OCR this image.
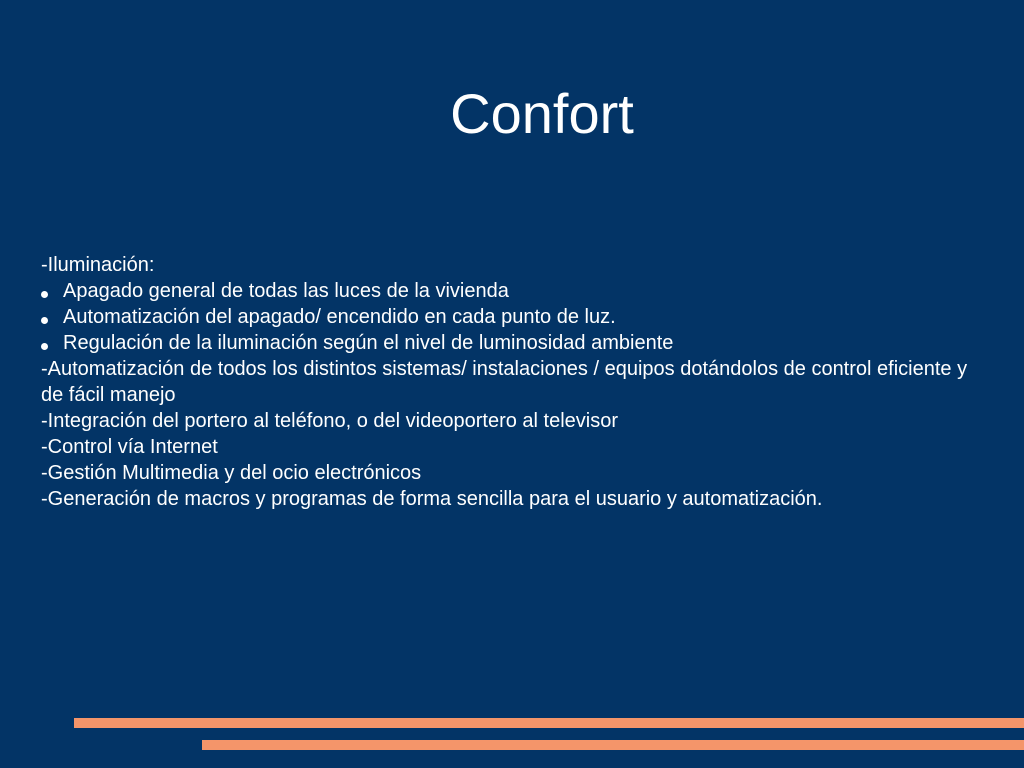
Confort
-Iluminación:
Apagado general de todas las luces de la vivienda
Automatización del apagado/ encendido en cada punto de luz.
Regulación de la iluminación según el nivel de luminosidad ambiente
-Automatización de todos los distintos sistemas/ instalaciones / equipos dotándolos de control eficiente y de fácil manejo
-Integración del portero al teléfono, o del videoportero al televisor
-Control vía Internet
-Gestión Multimedia y del ocio electrónicos
-Generación de macros y programas de forma sencilla para el usuario y automatización.
